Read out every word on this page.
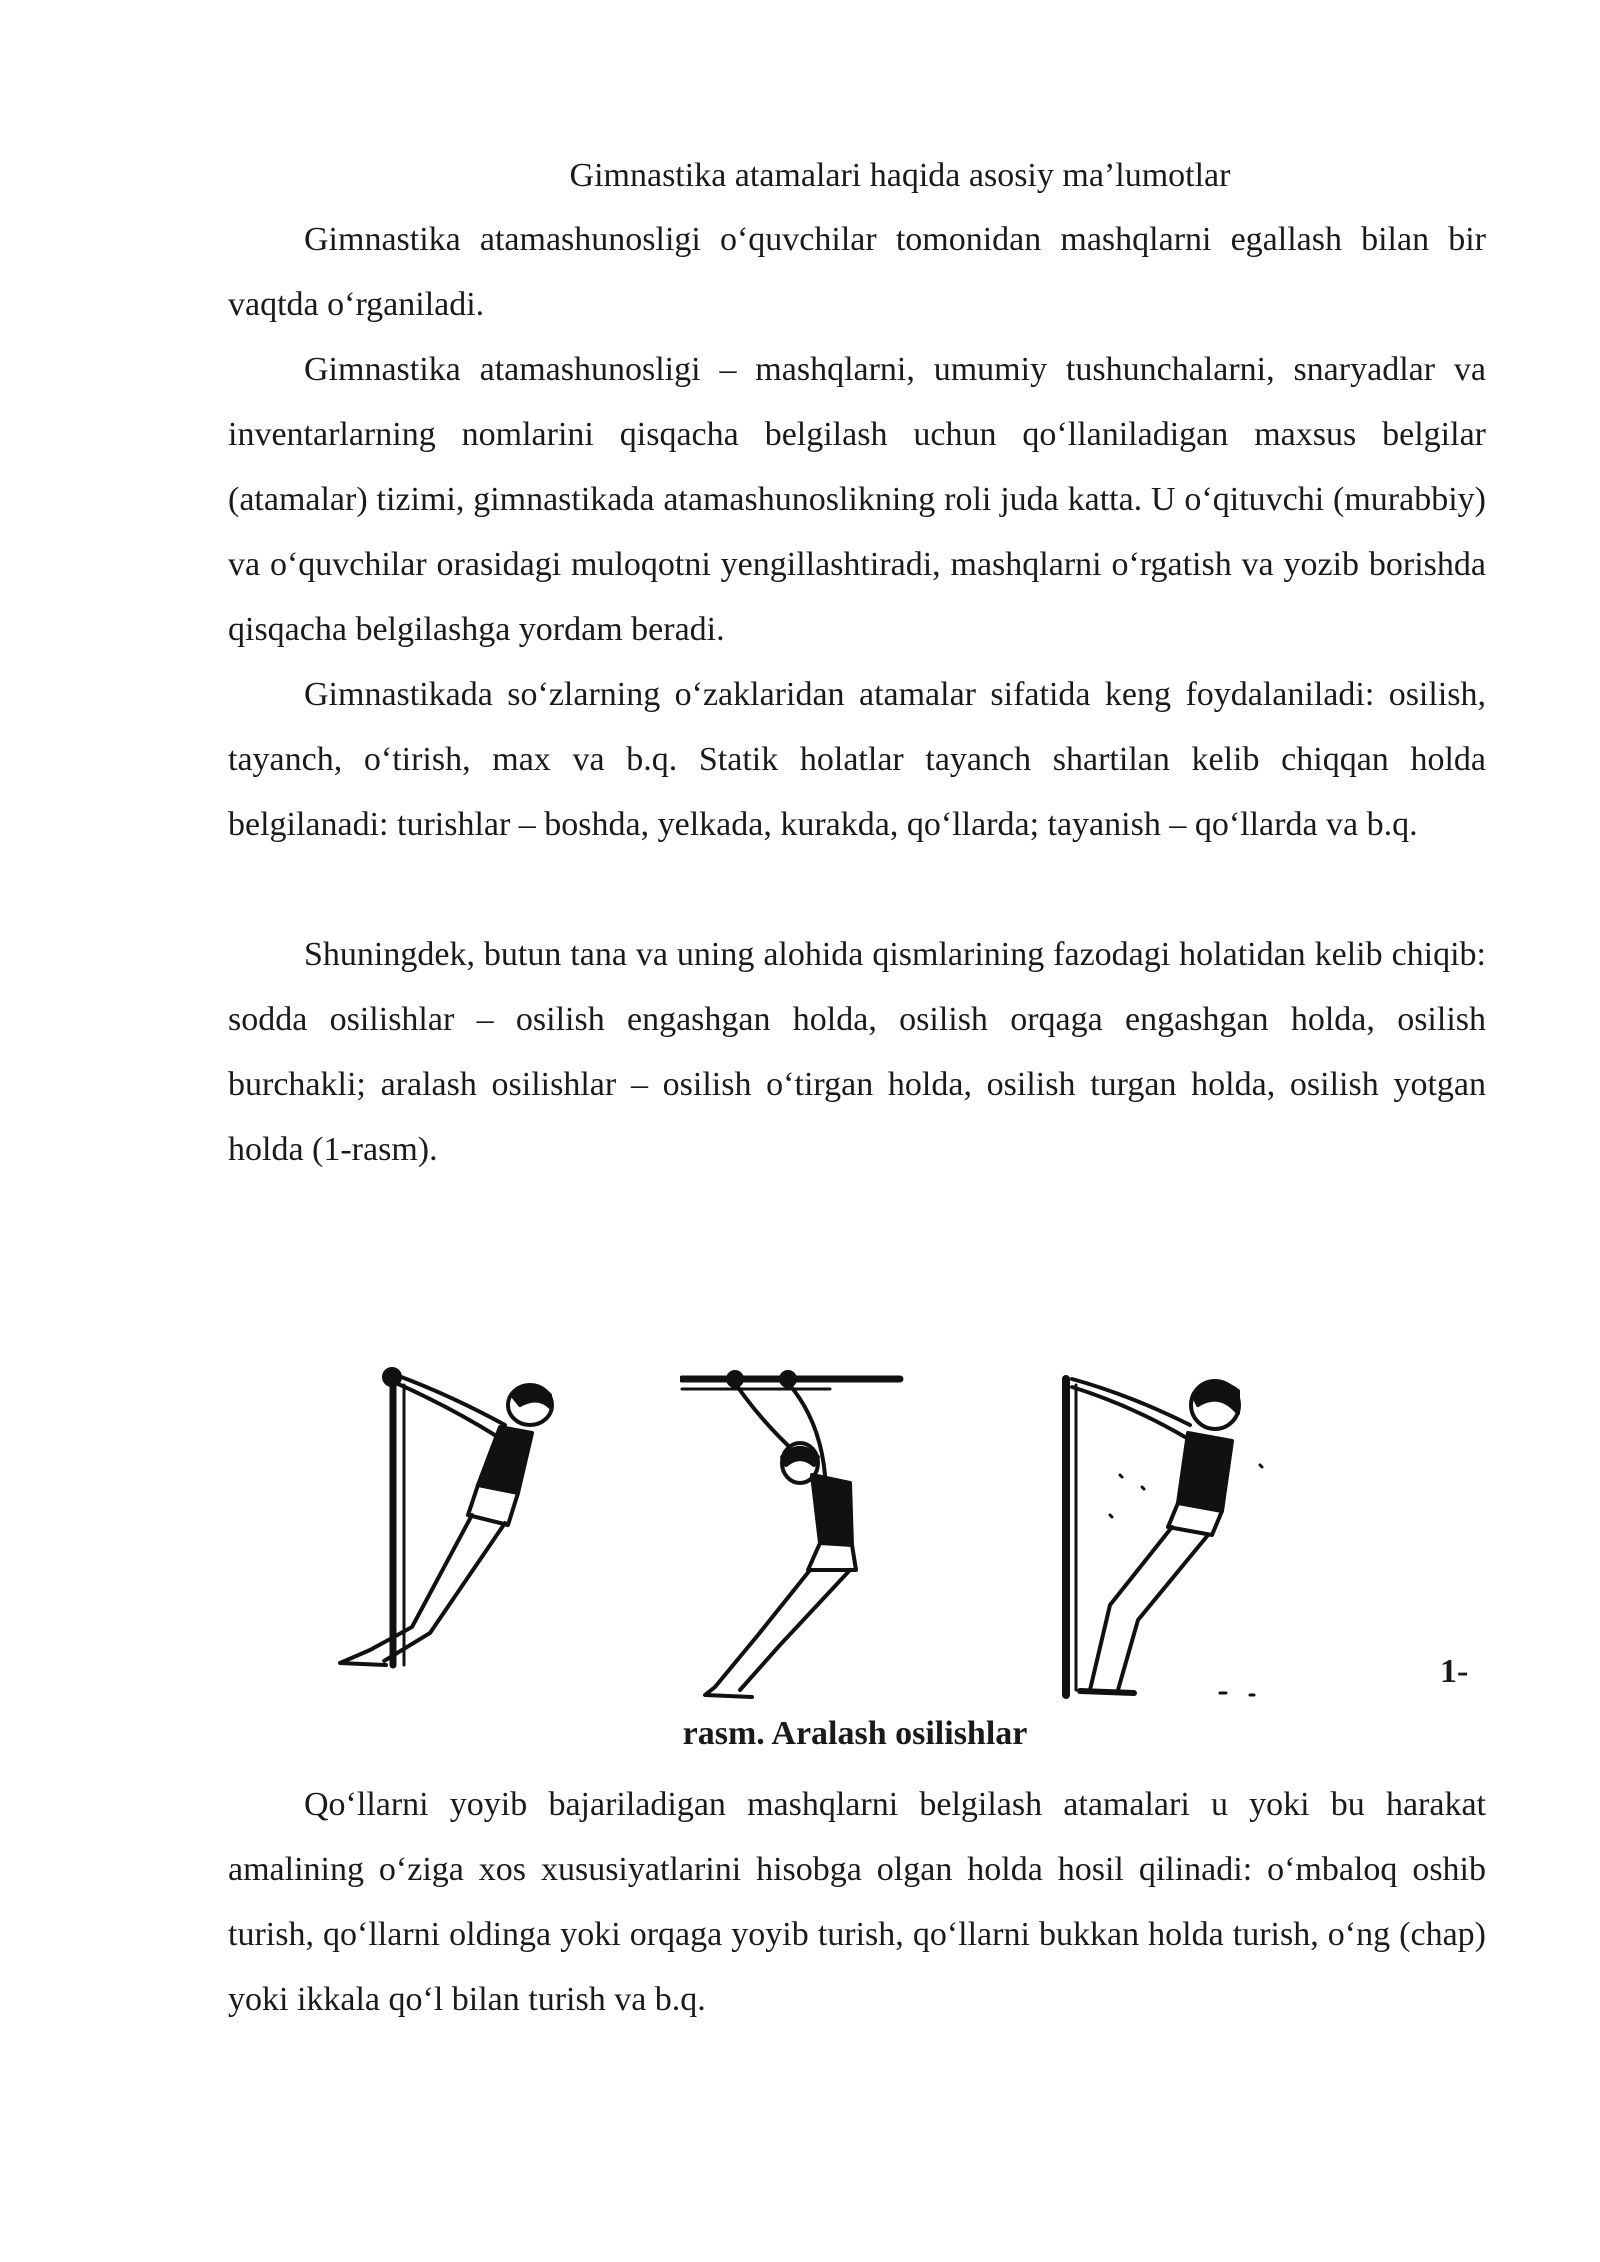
Gimnastika atamalari haqida asosiy ma’lumotlar

Gimnastika atamashunosligi o‘quvchilar tomonidan mashqlarni egallash bilan bir vaqtda o‘rganiladi.

Gimnastika atamashunosligi – mashqlarni, umumiy tushunchalarni, snaryadlar va inventarlarning nomlarini qisqacha belgilash uchun qo‘llaniladigan maxsus belgilar (atamalar) tizimi, gimnastikada atamashunoslikning roli juda katta. U o‘qituvchi (murabbiy) va o‘quvchilar orasidagi muloqotni yengillashtiradi, mashqlarni o‘rgatish va yozib borishda qisqacha belgilashga yordam beradi.

Gimnastikada so‘zlarning o‘zaklaridan atamalar sifatida keng foydalaniladi: osilish, tayanch, o‘tirish, max va b.q. Statik holatlar tayanch shartilan kelib chiqqan holda belgilanadi: turishlar – boshda, yelkada, kurakda, qo‘llarda; tayanish – qo‘llarda va b.q.

Shuningdek, butun tana va uning alohida qismlarining fazodagi holatidan kelib chiqib: sodda osilishlar – osilish engashgan holda, osilish orqaga engashgan holda, osilish burchakli; aralash osilishlar – osilish o‘tirgan holda, osilish turgan holda, osilish yotgan holda (1-rasm).

1-
rasm. Aralash osilishlar

Qo‘llarni yoyib bajariladigan mashqlarni belgilash atamalari u yoki bu harakat amalining o‘ziga xos xususiyatlarini hisobga olgan holda hosil qilinadi: o‘mbaloq oshib turish, qo‘llarni oldinga yoki orqaga yoyib turish, qo‘llarni bukkan holda turish, o‘ng (chap) yoki ikkala qo‘l bilan turish va b.q.
